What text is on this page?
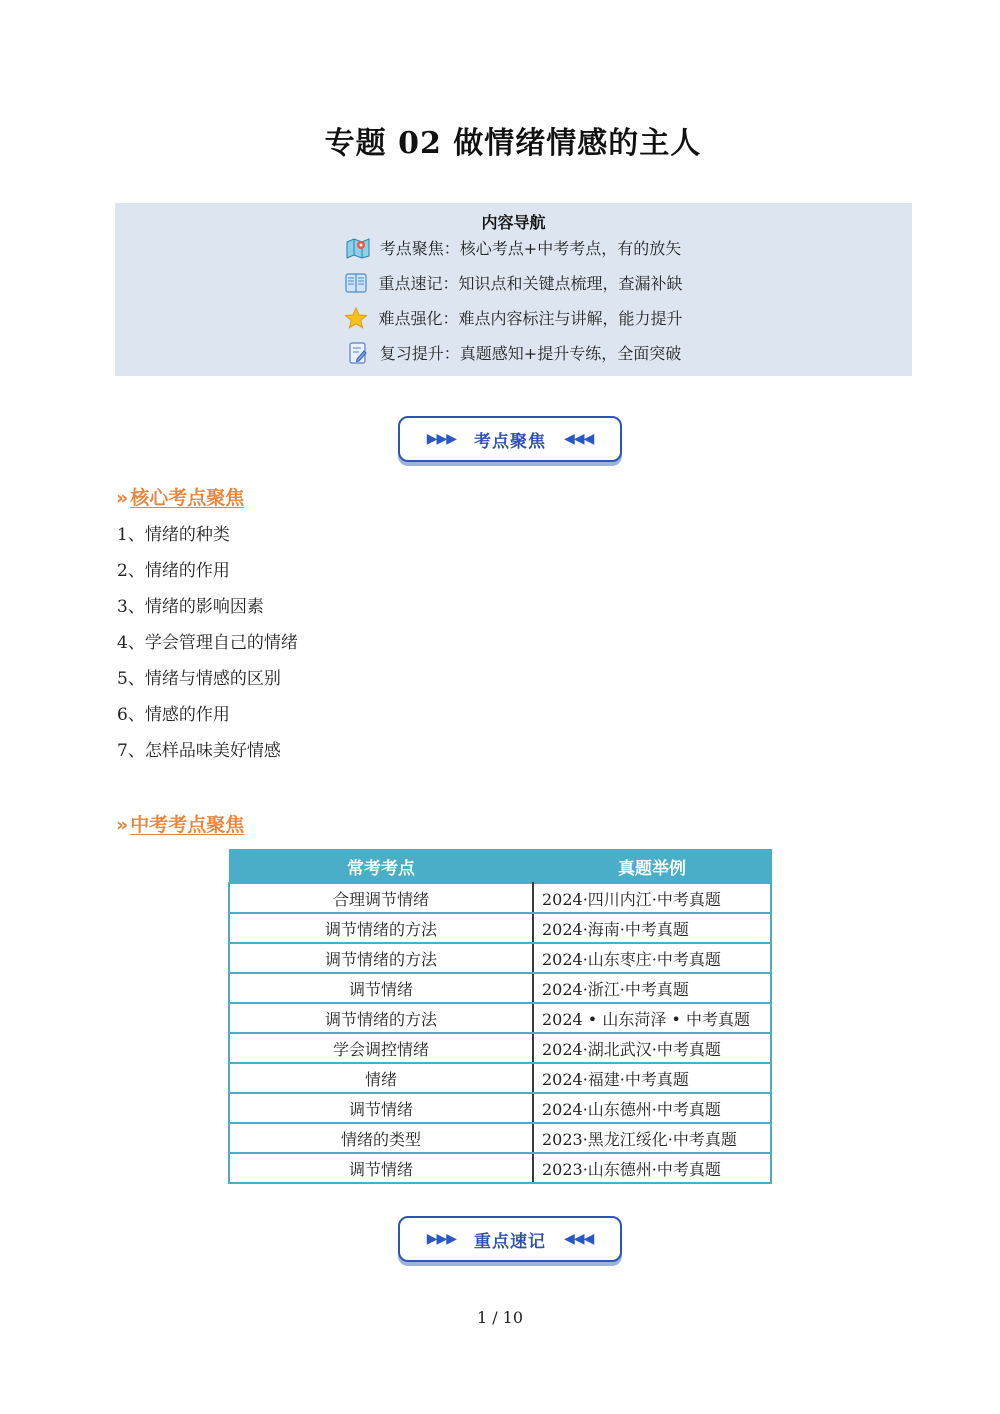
专题 02 做情绪情感的主人
内容导航
考点聚焦：核心考点+中考考点，有的放矢
重点速记：知识点和关键点梳理，查漏补缺
难点强化：难点内容标注与讲解，能力提升
复习提升：真题感知+提升专练，全面突破
▶▶▶ 考点聚焦 ◀◀◀
» 核心考点聚焦
1、情绪的种类
2、情绪的作用
3、情绪的影响因素
4、学会管理自己的情绪
5、情绪与情感的区别
6、情感的作用
7、怎样品味美好情感
» 中考考点聚焦
常考考点	真题举例
合理调节情绪	2024·四川内江·中考真题
调节情绪的方法	2024·海南·中考真题
调节情绪的方法	2024·山东枣庄·中考真题
调节情绪	2024·浙江·中考真题
调节情绪的方法	2024 • 山东菏泽 • 中考真题
学会调控情绪	2024·湖北武汉·中考真题
情绪	2024·福建·中考真题
调节情绪	2024·山东德州·中考真题
情绪的类型	2023·黑龙江绥化·中考真题
调节情绪	2023·山东德州·中考真题
▶▶▶ 重点速记 ◀◀◀
1 / 10
